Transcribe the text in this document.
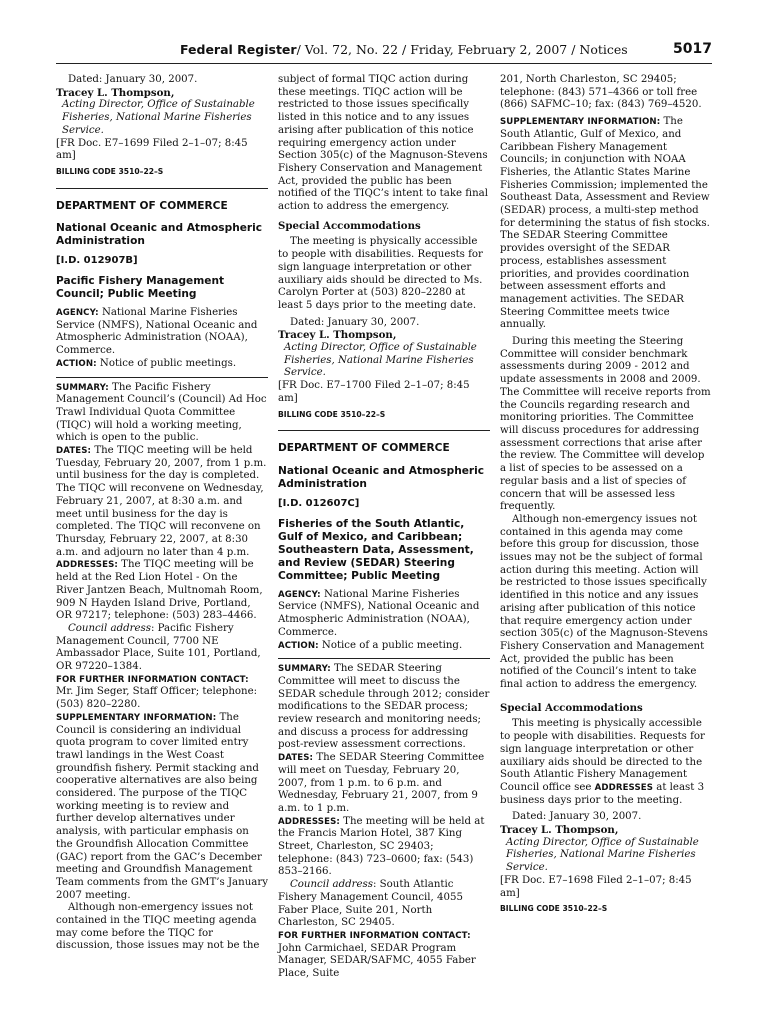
Federal Register/ Vol. 72, No. 22 / Friday, February 2, 2007 / Notices	5017

Dated: January 30, 2007.

Tracey L. Thompson,

Acting Director, Office of Sustainable Fisheries, National Marine Fisheries Service.

[FR Doc. E7–1699 Filed 2–1–07; 8:45 am]

BILLING CODE 3510–22–S

DEPARTMENT OF COMMERCE

National Oceanic and Atmospheric Administration

[I.D. 012907B]

Pacific Fishery Management Council; Public Meeting

AGENCY: National Marine Fisheries Service (NMFS), National Oceanic and Atmospheric Administration (NOAA), Commerce.

ACTION: Notice of public meetings.

SUMMARY: The Pacific Fishery Management Council’s (Council) Ad Hoc Trawl Individual Quota Committee (TIQC) will hold a working meeting, which is open to the public.

DATES: The TIQC meeting will be held Tuesday, February 20, 2007, from 1 p.m. until business for the day is completed. The TIQC will reconvene on Wednesday, February 21, 2007, at 8:30 a.m. and meet until business for the day is completed. The TIQC will reconvene on Thursday, February 22, 2007, at 8:30 a.m. and adjourn no later than 4 p.m.

ADDRESSES: The TIQC meeting will be held at the Red Lion Hotel - On the River Jantzen Beach, Multnomah Room, 909 N Hayden Island Drive, Portland, OR 97217; telephone: (503) 283–4466.

Council address: Pacific Fishery Management Council, 7700 NE Ambassador Place, Suite 101, Portland, OR 97220–1384.

FOR FURTHER INFORMATION CONTACT: Mr. Jim Seger, Staff Officer; telephone: (503) 820–2280.

SUPPLEMENTARY INFORMATION: The Council is considering an individual quota program to cover limited entry trawl landings in the West Coast groundfish fishery. Permit stacking and cooperative alternatives are also being considered. The purpose of the TIQC working meeting is to review and further develop alternatives under analysis, with particular emphasis on the Groundfish Allocation Committee (GAC) report from the GAC’s December meeting and Groundfish Management Team comments from the GMT’s January 2007 meeting.

Although non-emergency issues not contained in the TIQC meeting agenda may come before the TIQC for discussion, those issues may not be the

subject of formal TIQC action during these meetings. TIQC action will be restricted to those issues specifically listed in this notice and to any issues arising after publication of this notice requiring emergency action under Section 305(c) of the Magnuson-Stevens Fishery Conservation and Management Act, provided the public has been notified of the TIQC’s intent to take final action to address the emergency.

Special Accommodations

The meeting is physically accessible to people with disabilities. Requests for sign language interpretation or other auxiliary aids should be directed to Ms. Carolyn Porter at (503) 820–2280 at least 5 days prior to the meeting date.

Dated: January 30, 2007.

Tracey L. Thompson,

Acting Director, Office of Sustainable Fisheries, National Marine Fisheries Service.

[FR Doc. E7–1700 Filed 2–1–07; 8:45 am]

BILLING CODE 3510–22–S

DEPARTMENT OF COMMERCE

National Oceanic and Atmospheric Administration

[I.D. 012607C]

Fisheries of the South Atlantic, Gulf of Mexico, and Caribbean; Southeastern Data, Assessment, and Review (SEDAR) Steering Committee; Public Meeting

AGENCY: National Marine Fisheries Service (NMFS), National Oceanic and Atmospheric Administration (NOAA), Commerce.

ACTION: Notice of a public meeting.

SUMMARY: The SEDAR Steering Committee will meet to discuss the SEDAR schedule through 2012; consider modifications to the SEDAR process; review research and monitoring needs; and discuss a process for addressing post-review assessment corrections.

DATES: The SEDAR Steering Committee will meet on Tuesday, February 20, 2007, from 1 p.m. to 6 p.m. and Wednesday, February 21, 2007, from 9 a.m. to 1 p.m.

ADDRESSES: The meeting will be held at the Francis Marion Hotel, 387 King Street, Charleston, SC 29403; telephone: (843) 723–0600; fax: (543) 853–2166.

Council address: South Atlantic Fishery Management Council, 4055 Faber Place, Suite 201, North Charleston, SC 29405.

FOR FURTHER INFORMATION CONTACT: John Carmichael, SEDAR Program Manager, SEDAR/SAFMC, 4055 Faber Place, Suite

201, North Charleston, SC 29405; telephone: (843) 571–4366 or toll free (866) SAFMC–10; fax: (843) 769–4520.

SUPPLEMENTARY INFORMATION: The South Atlantic, Gulf of Mexico, and Caribbean Fishery Management Councils; in conjunction with NOAA Fisheries, the Atlantic States Marine Fisheries Commission; implemented the Southeast Data, Assessment and Review (SEDAR) process, a multi-step method for determining the status of fish stocks. The SEDAR Steering Committee provides oversight of the SEDAR process, establishes assessment priorities, and provides coordination between assessment efforts and management activities. The SEDAR Steering Committee meets twice annually.

During this meeting the Steering Committee will consider benchmark assessments during 2009 - 2012 and update assessments in 2008 and 2009. The Committee will receive reports from the Councils regarding research and monitoring priorities. The Committee will discuss procedures for addressing assessment corrections that arise after the review. The Committee will develop a list of species to be assessed on a regular basis and a list of species of concern that will be assessed less frequently.

Although non-emergency issues not contained in this agenda may come before this group for discussion, those issues may not be the subject of formal action during this meeting. Action will be restricted to those issues specifically identified in this notice and any issues arising after publication of this notice that require emergency action under section 305(c) of the Magnuson-Stevens Fishery Conservation and Management Act, provided the public has been notified of the Council’s intent to take final action to address the emergency.

Special Accommodations

This meeting is physically accessible to people with disabilities. Requests for sign language interpretation or other auxiliary aids should be directed to the South Atlantic Fishery Management Council office see ADDRESSES at least 3 business days prior to the meeting.

Dated: January 30, 2007.

Tracey L. Thompson,

Acting Director, Office of Sustainable Fisheries, National Marine Fisheries Service.

[FR Doc. E7–1698 Filed 2–1–07; 8:45 am]

BILLING CODE 3510–22–S
